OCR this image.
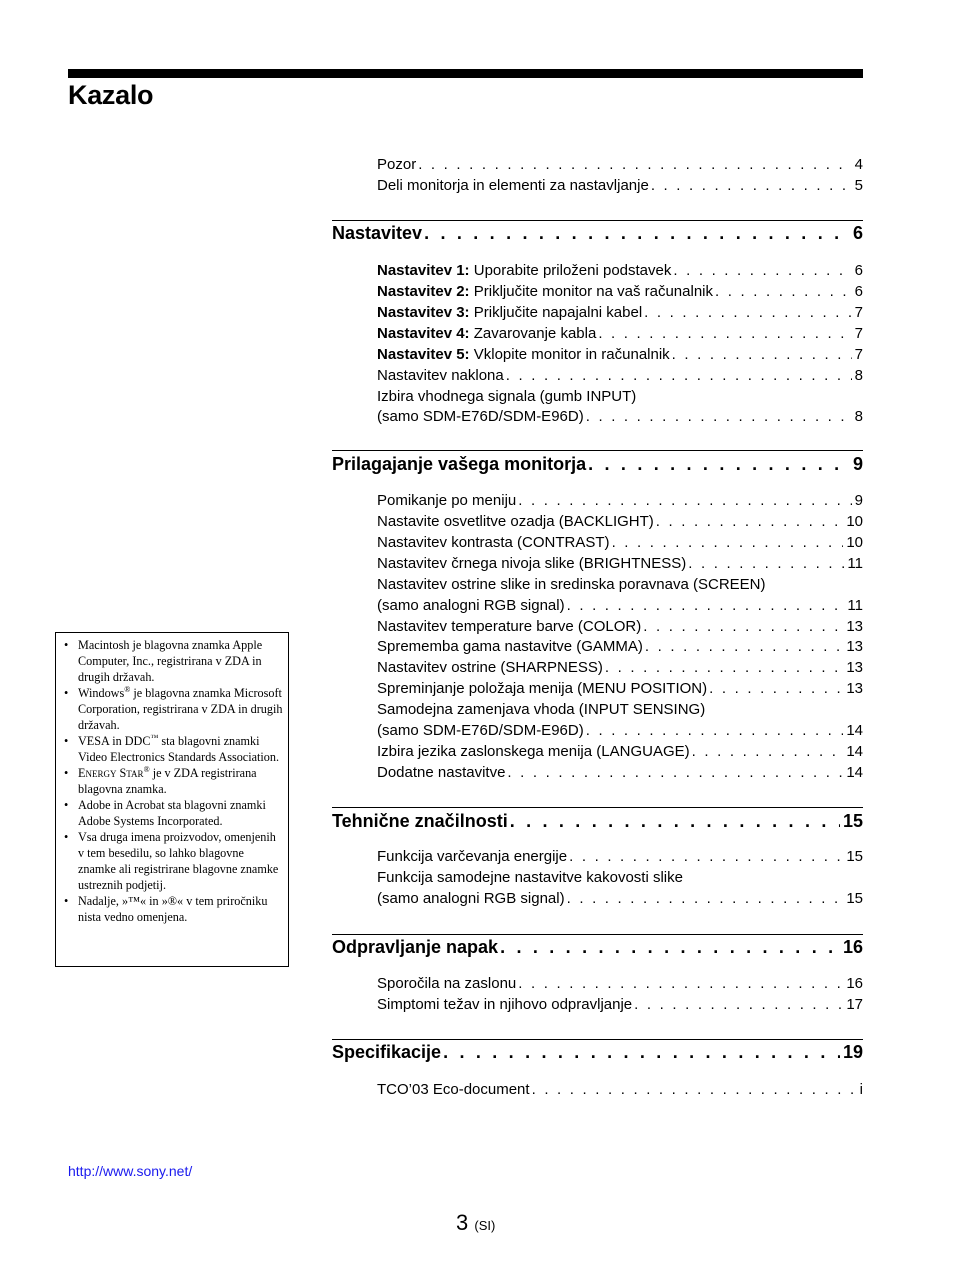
Kazalo
Pozor . . .	4
Deli monitorja in elementi za nastavljanje . . .	5
Nastavitev . . .	6
Nastavitev 1: Uporabite priloženi podstavek . . .	6
Nastavitev 2: Priključite monitor na vaš računalnik . . .	6
Nastavitev 3: Priključite napajalni kabel . . .	7
Nastavitev 4: Zavarovanje kabla . . .	7
Nastavitev 5: Vklopite monitor in računalnik . . .	7
Nastavitev naklona . . .	8
Izbira vhodnega signala (gumb INPUT)
(samo SDM-E76D/SDM-E96D) . . .	8
Prilagajanje vašega monitorja . . .	9
Pomikanje po meniju . . .	9
Nastavite osvetlitve ozadja (BACKLIGHT) . . .	10
Nastavitev kontrasta (CONTRAST) . . .	10
Nastavitev črnega nivoja slike (BRIGHTNESS) . . .	11
Nastavitev ostrine slike in sredinska poravnava (SCREEN)
(samo analogni RGB signal) . . .	11
Nastavitev temperature barve (COLOR) . . .	13
Sprememba gama nastavitve (GAMMA) . . .	13
Nastavitev ostrine (SHARPNESS) . . .	13
Spreminjanje položaja menija (MENU POSITION) . . .	13
Samodejna zamenjava vhoda (INPUT SENSING)
(samo SDM-E76D/SDM-E96D) . . .	14
Izbira jezika zaslonskega menija (LANGUAGE) . . .	14
Dodatne nastavitve . . .	14
Tehnične značilnosti . . .	15
Funkcija varčevanja energije . . .	15
Funkcija samodejne nastavitve kakovosti slike
(samo analogni RGB signal) . . .	15
Odpravljanje napak . . .	16
Sporočila na zaslonu . . .	16
Simptomi težav in njihovo odpravljanje . . .	17
Specifikacije . . .	19
TCO’03 Eco-document . . .	i
• Macintosh je blagovna znamka Apple Computer, Inc., registrirana v ZDA in drugih državah.
• Windows® je blagovna znamka Microsoft Corporation, registrirana v ZDA in drugih državah.
• VESA in DDC™ sta blagovni znamki Video Electronics Standards Association.
• Energy Star® je v ZDA registrirana blagovna znamka.
• Adobe in Acrobat sta blagovni znamki Adobe Systems Incorporated.
• Vsa druga imena proizvodov, omenjenih v tem besedilu, so lahko blagovne znamke ali registrirane blagovne znamke ustreznih podjetij.
• Nadalje, »™« in »®« v tem priročniku nista vedno omenjena.
http://www.sony.net/
3 (SI)
